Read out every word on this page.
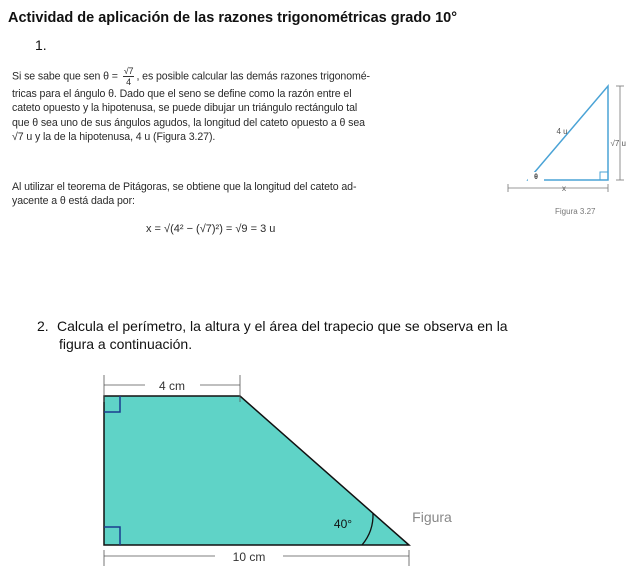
Actividad de aplicación de las razones trigonométricas grado 10°
1.
Si se sabe que sen $\theta = \frac{√7}{4}$ , es posible calcular las demás razones trigonomé-
tricas para el ángulo θ. Dado que el seno se define como la razón entre el
cateto opuesto y la hipotenusa, se puede dibujar un triángulo rectángulo tal
que θ sea uno de sus ángulos agudos, la longitud del cateto opuesto a θ sea
√7 u y la de la hipotenusa, 4 u (Figura 3.27).
Al utilizar el teorema de Pitágoras, se obtiene que la longitud del cateto ad-
yacente a θ está dada por:
x = √(4² − (√7)²) = √9 = 3 u
θ
4 u
√7 u
x
Figura 3.27
2. Calcula el perímetro, la altura y el área del trapecio que se observa en la
figura a continuación.
4 cm
10 cm
40°	Figura
